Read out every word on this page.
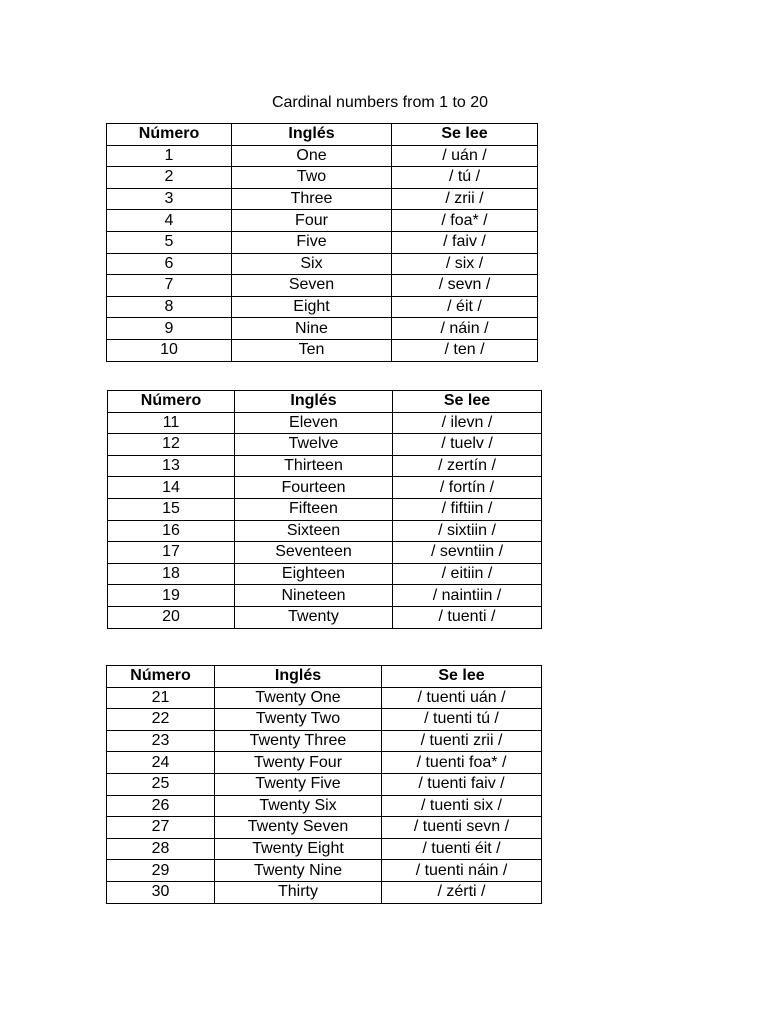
Cardinal numbers from 1 to 20
Número	Inglés	Se lee
1	One	/ uán /
2	Two	/ tú /
3	Three	/ zrii /
4	Four	/ foa* /
5	Five	/ faiv /
6	Six	/ six /
7	Seven	/ sevn /
8	Eight	/ éit /
9	Nine	/ náin /
10	Ten	/ ten /
Número	Inglés	Se lee
11	Eleven	/ ilevn /
12	Twelve	/ tuelv /
13	Thirteen	/ zertín /
14	Fourteen	/ fortín /
15	Fifteen	/ fiftiin /
16	Sixteen	/ sixtiin /
17	Seventeen	/ sevntiin /
18	Eighteen	/ eitiin /
19	Nineteen	/ naintiin /
20	Twenty	/ tuenti /
Número	Inglés	Se lee
21	Twenty One	/ tuenti uán /
22	Twenty Two	/ tuenti tú /
23	Twenty Three	/ tuenti zrii /
24	Twenty Four	/ tuenti foa* /
25	Twenty Five	/ tuenti faiv /
26	Twenty Six	/ tuenti six /
27	Twenty Seven	/ tuenti sevn /
28	Twenty Eight	/ tuenti éit /
29	Twenty Nine	/ tuenti náin /
30	Thirty	/ zérti /
